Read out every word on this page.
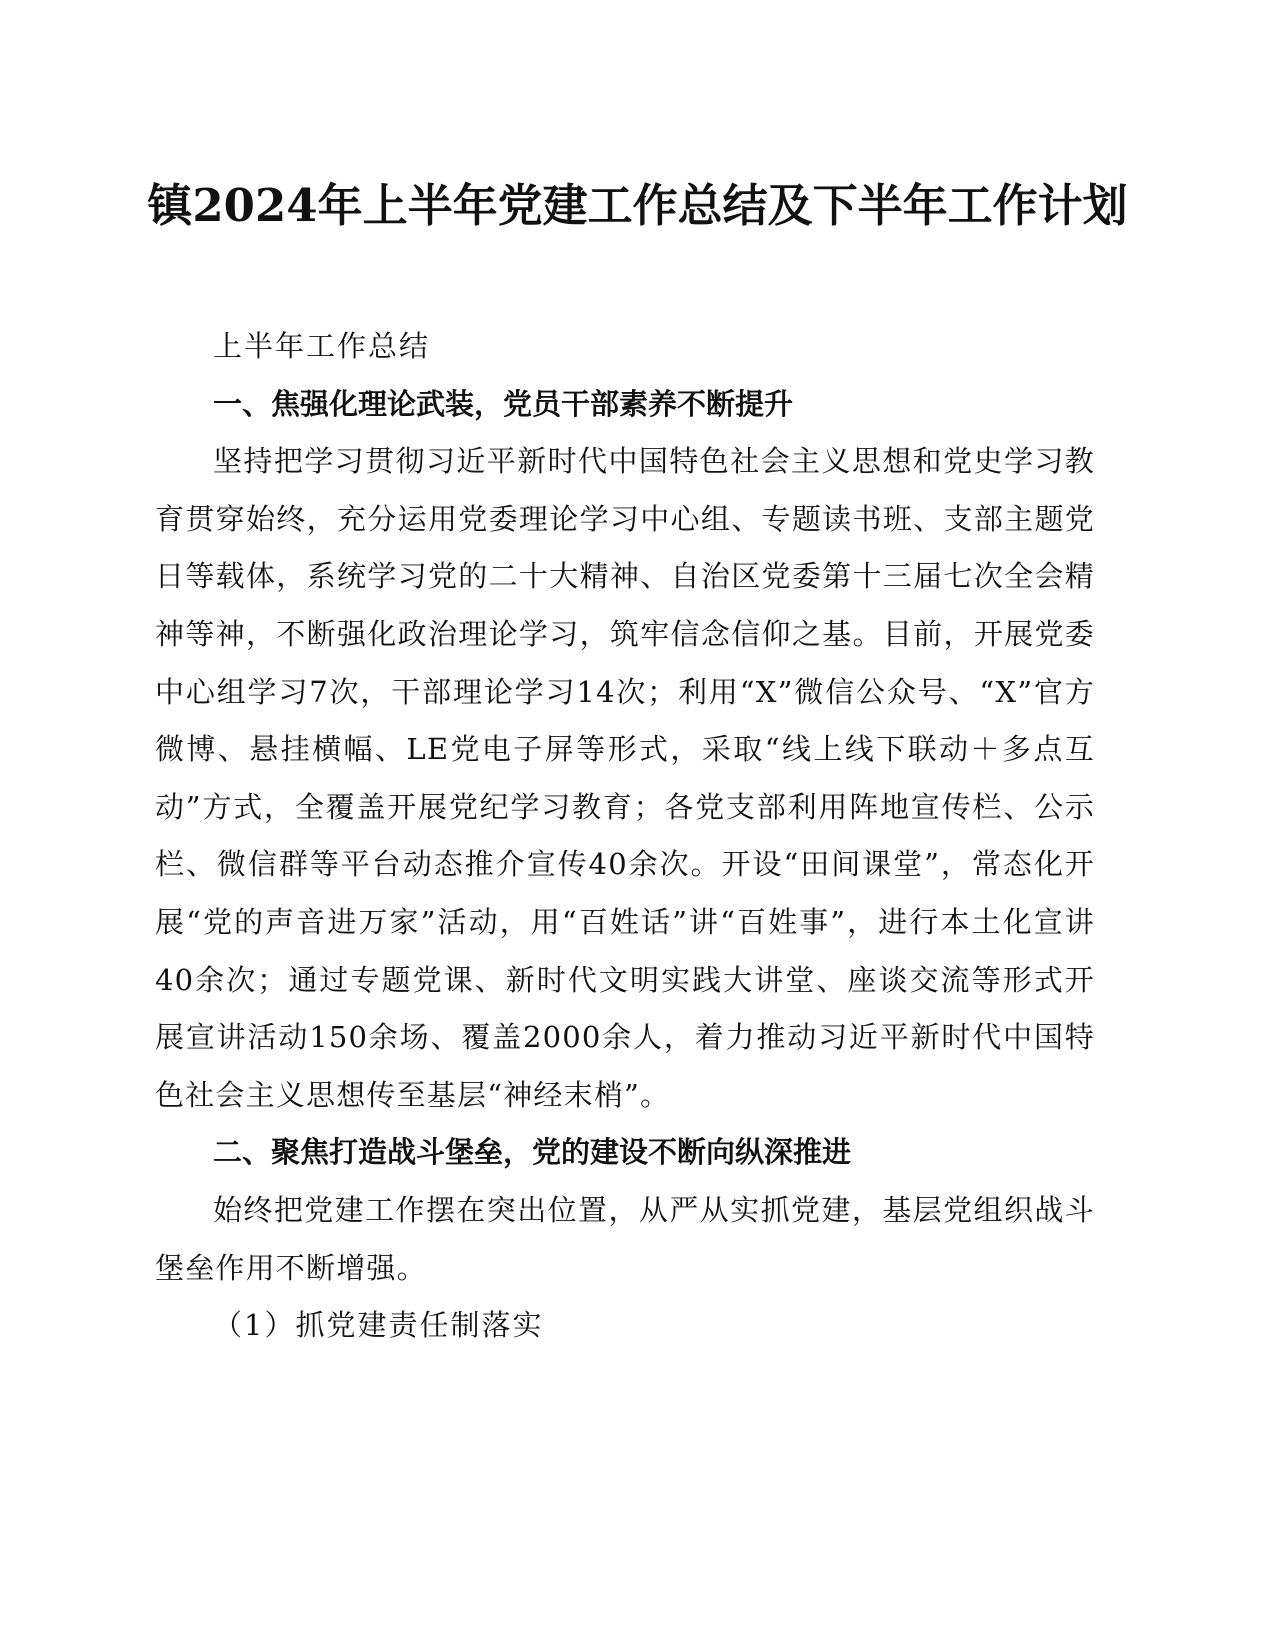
镇2024年上半年党建工作总结及下半年工作计划

上半年工作总结

一、焦强化理论武装，党员干部素养不断提升

坚持把学习贯彻习近平新时代中国特色社会主义思想和党史学习教育贯穿始终，充分运用党委理论学习中心组、专题读书班、支部主题党日等载体，系统学习党的二十大精神、自治区党委第十三届七次全会精神等神，不断强化政治理论学习，筑牢信念信仰之基。目前，开展党委中心组学习7次，干部理论学习14次；利用“X”微信公众号、“X”官方微博、悬挂横幅、LE党电子屏等形式，采取“线上线下联动＋多点互动”方式，全覆盖开展党纪学习教育；各党支部利用阵地宣传栏、公示栏、微信群等平台动态推介宣传40余次。开设“田间课堂”，常态化开展“党的声音进万家”活动，用“百姓话”讲“百姓事”，进行本土化宣讲40余次；通过专题党课、新时代文明实践大讲堂、座谈交流等形式开展宣讲活动150余场、覆盖2000余人，着力推动习近平新时代中国特色社会主义思想传至基层“神经末梢”。

二、聚焦打造战斗堡垒，党的建设不断向纵深推进

始终把党建工作摆在突出位置，从严从实抓党建，基层党组织战斗堡垒作用不断增强。

（1）抓党建责任制落实
